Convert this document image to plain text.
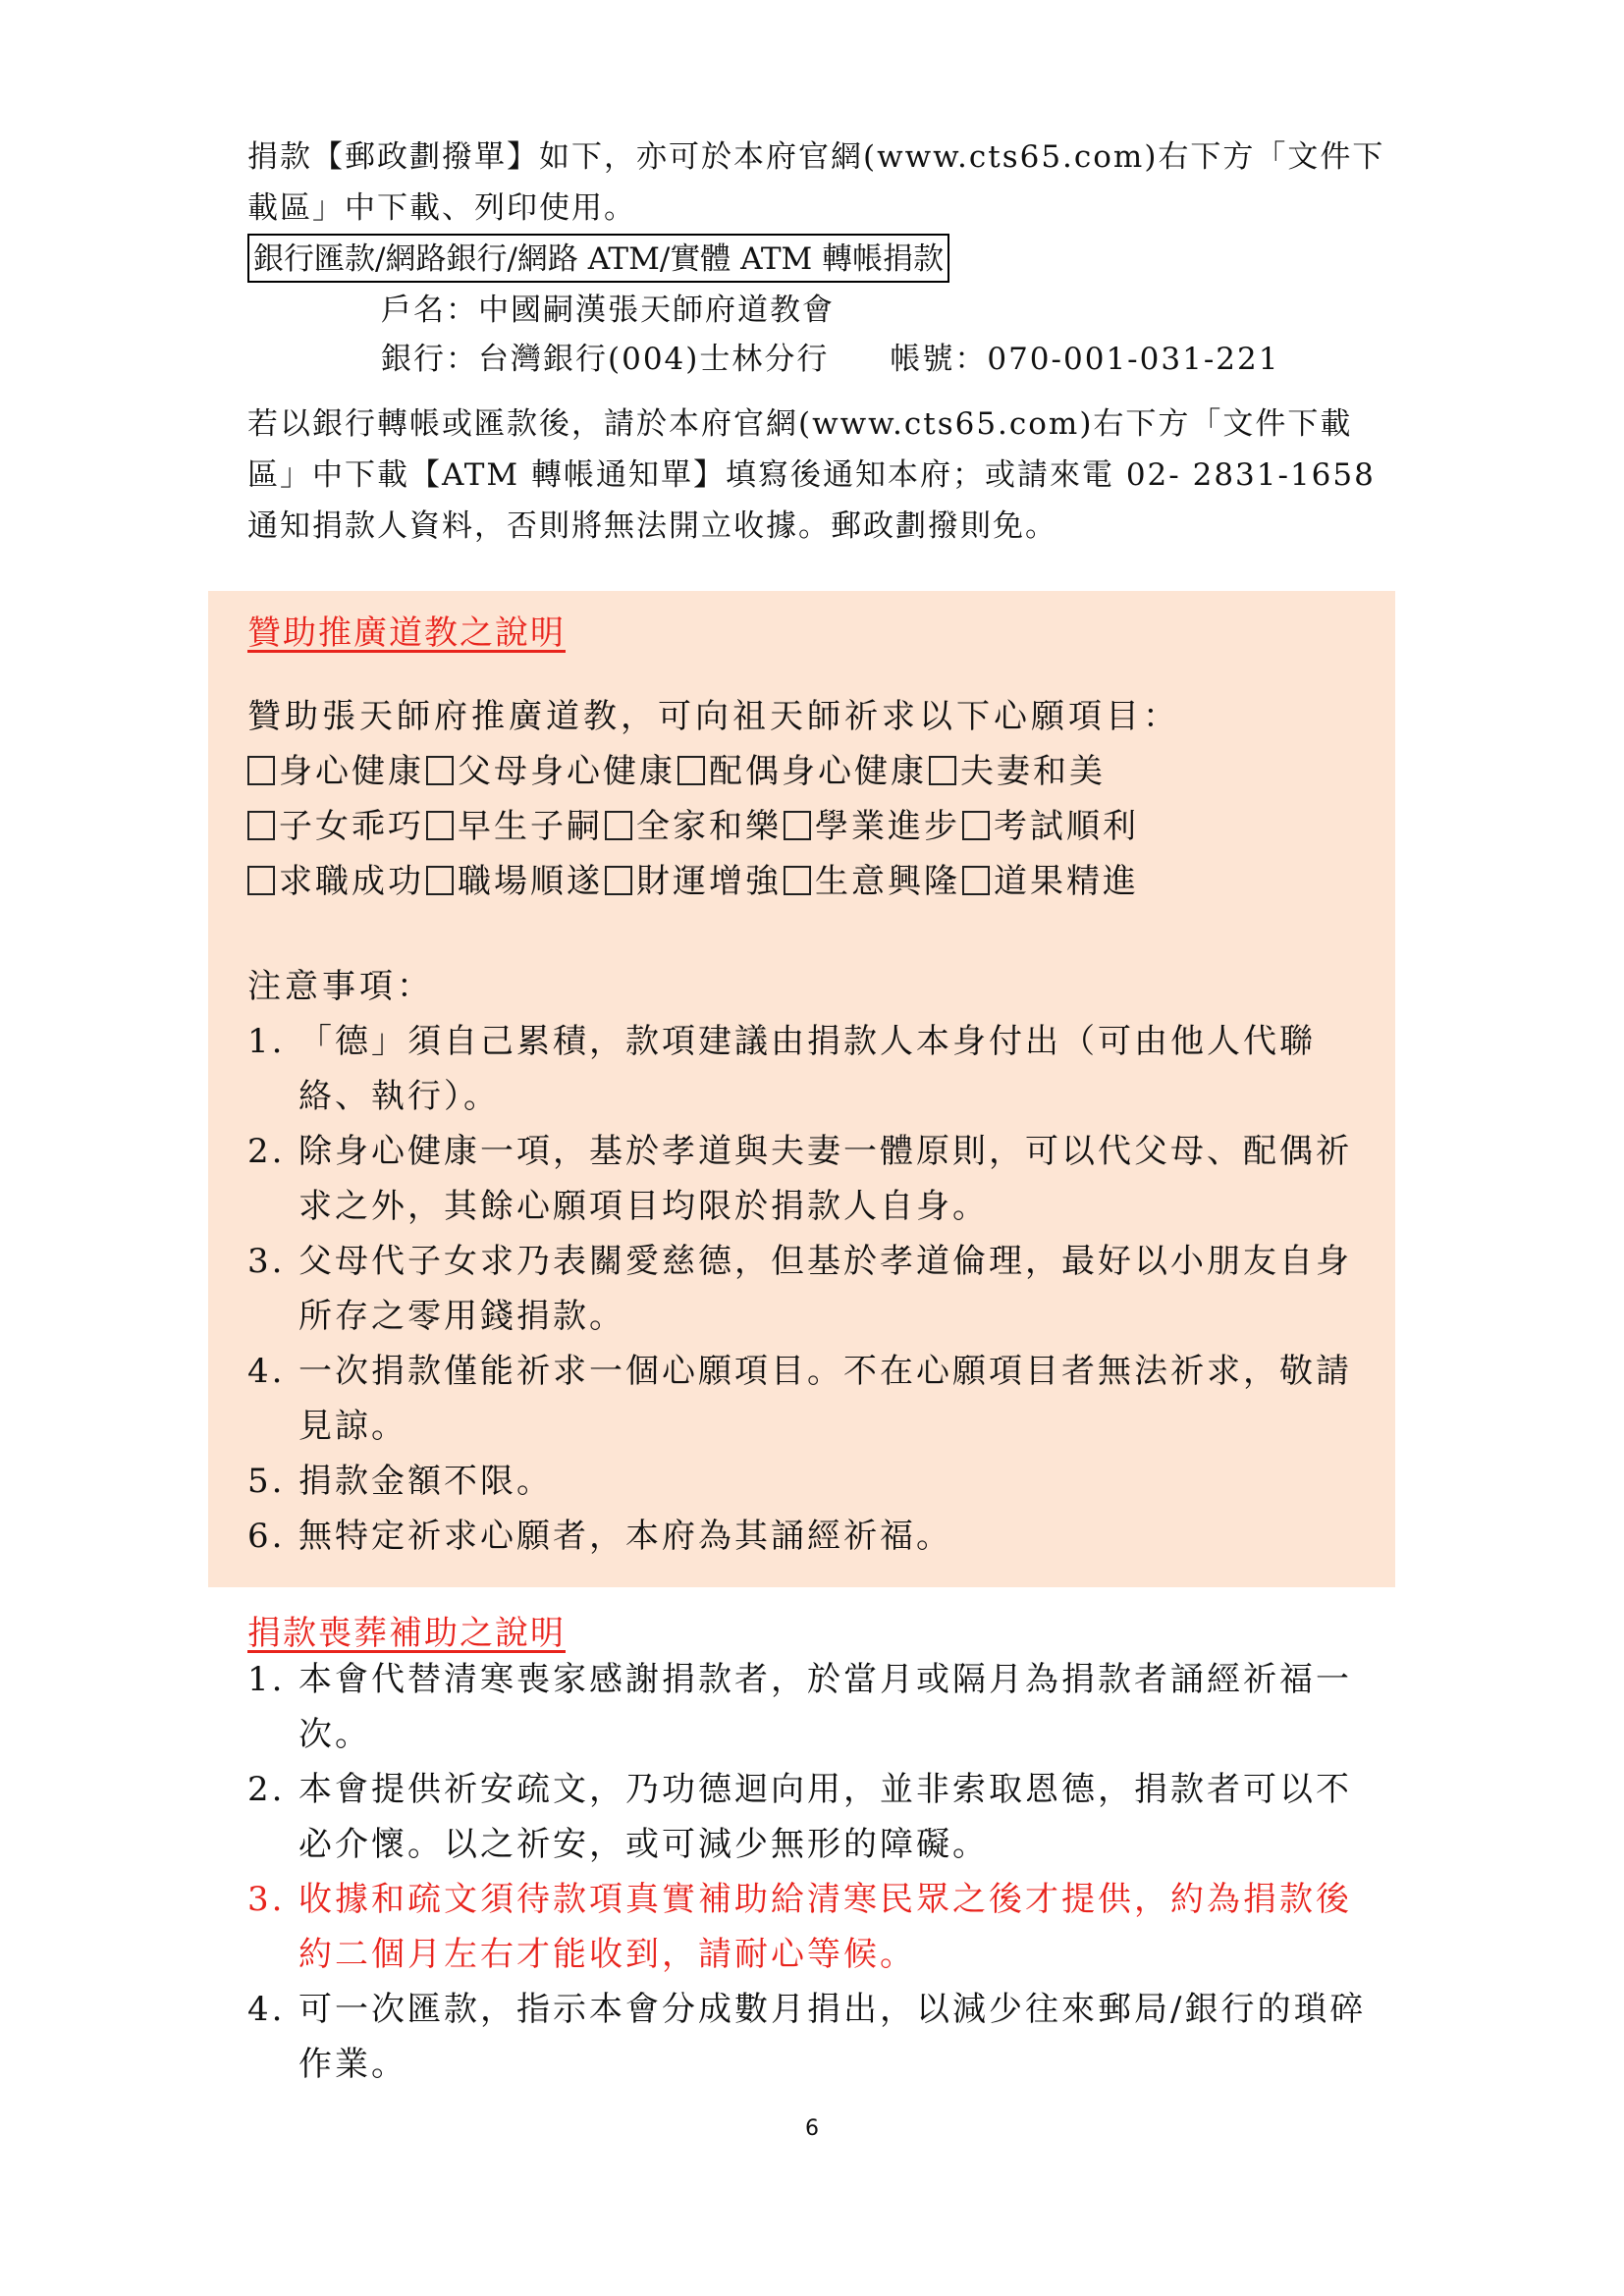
捐款【郵政劃撥單】如下，亦可於本府官網(www.cts65.com)右下方「文件下載區」中下載、列印使用。

銀行匯款/網路銀行/網路 ATM/實體 ATM 轉帳捐款

戶名：中國嗣漢張天師府道教會

銀行：台灣銀行(004)士林分行 帳號：070-001-031-221

若以銀行轉帳或匯款後，請於本府官網(www.cts65.com)右下方「文件下載區」中下載【ATM 轉帳通知單】填寫後通知本府；或請來電 02- 2831-1658 通知捐款人資料，否則將無法開立收據。郵政劃撥則免。

贊助推廣道教之說明

贊助張天師府推廣道教，可向祖天師祈求以下心願項目：

身心健康 父母身心健康 配偶身心健康 夫妻和美
子女乖巧 早生子嗣 全家和樂 學業進步 考試順利
求職成功 職場順遂 財運增強 生意興隆 道果精進

注意事項：

1. 「德」須自己累積，款項建議由捐款人本身付出（可由他人代聯絡、執行）。
2. 除身心健康一項，基於孝道與夫妻一體原則，可以代父母、配偶祈求之外，其餘心願項目均限於捐款人自身。
3. 父母代子女求乃表關愛慈德，但基於孝道倫理，最好以小朋友自身所存之零用錢捐款。
4. 一次捐款僅能祈求一個心願項目。不在心願項目者無法祈求，敬請見諒。
5. 捐款金額不限。
6. 無特定祈求心願者，本府為其誦經祈福。

捐款喪葬補助之說明

1. 本會代替清寒喪家感謝捐款者，於當月或隔月為捐款者誦經祈福一次。
2. 本會提供祈安疏文，乃功德迴向用，並非索取恩德，捐款者可以不必介懷。以之祈安，或可減少無形的障礙。
3. 收據和疏文須待款項真實補助給清寒民眾之後才提供，約為捐款後約二個月左右才能收到，請耐心等候。
4. 可一次匯款，指示本會分成數月捐出，以減少往來郵局/銀行的瑣碎作業。

6
